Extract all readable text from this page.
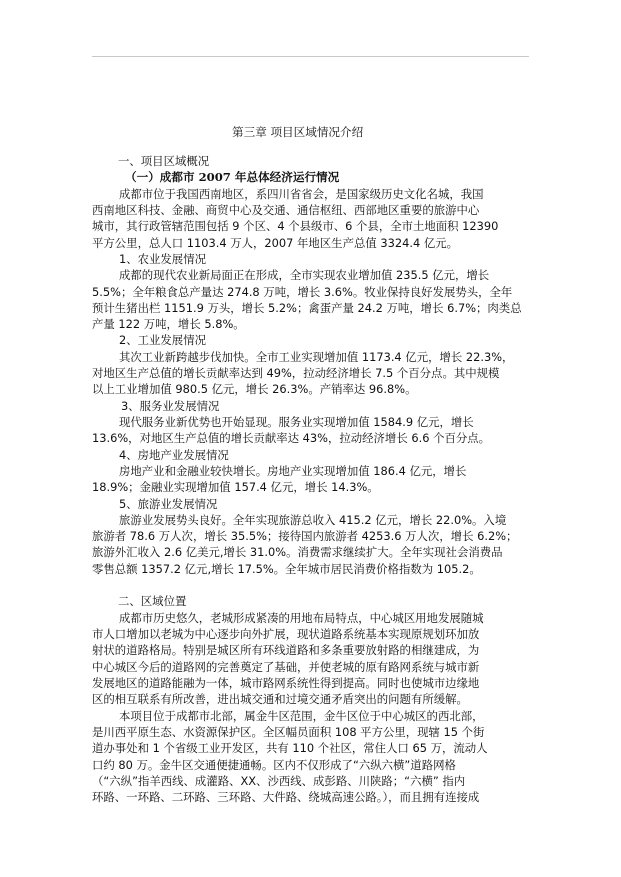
第三章 项目区域情况介绍
一、项目区域概况
（一）成都市 2007 年总体经济运行情况
成都市位于我国西南地区，系四川省省会，是国家级历史文化名城，我国
西南地区科技、金融、商贸中心及交通、通信枢纽、西部地区重要的旅游中心
城市，其行政管辖范围包括 9 个区、4 个县级市、6 个县，全市土地面积 12390
平方公里，总人口 1103.4 万人，2007 年地区生产总值 3324.4 亿元。
1、农业发展情况
成都的现代农业新局面正在形成，全市实现农业增加值 235.5 亿元，增长
5.5%；全年粮食总产量达 274.8 万吨，增长 3.6%。牧业保持良好发展势头，全年
预计生猪出栏 1151.9 万头，增长 5.2%；禽蛋产量 24.2 万吨，增长 6.7%；肉类总
产量 122 万吨，增长 5.8%。
2、工业发展情况
其次工业新跨越步伐加快。全市工业实现增加值 1173.4 亿元，增长 22.3%，
对地区生产总值的增长贡献率达到 49%，拉动经济增长 7.5 个百分点。其中规模
以上工业增加值 980.5 亿元，增长 26.3%。产销率达 96.8%。
3、服务业发展情况
现代服务业新优势也开始显现。服务业实现增加值 1584.9 亿元，增长
13.6%，对地区生产总值的增长贡献率达 43%，拉动经济增长 6.6 个百分点。
4、房地产业发展情况
房地产业和金融业较快增长。房地产业实现增加值 186.4 亿元，增长
18.9%；金融业实现增加值 157.4 亿元，增长 14.3%。
5、旅游业发展情况
旅游业发展势头良好。全年实现旅游总收入 415.2 亿元，增长 22.0%。入境
旅游者 78.6 万人次，增长 35.5%；接待国内旅游者 4253.6 万人次，增长 6.2%；
旅游外汇收入 2.6 亿美元,增长 31.0%。消费需求继续扩大。全年实现社会消费品
零售总额 1357.2 亿元,增长 17.5%。全年城市居民消费价格指数为 105.2。
二、区域位置
成都市历史悠久，老城形成紧凑的用地布局特点，中心城区用地发展随城
市人口增加以老城为中心逐步向外扩展，现状道路系统基本实现原规划环加放
射状的道路格局。特别是城区所有环线道路和多条重要放射路的相继建成，为
中心城区今后的道路网的完善奠定了基础，并使老城的原有路网系统与城市新
发展地区的道路能融为一体，城市路网系统性得到提高。同时也使城市边缘地
区的相互联系有所改善，进出城交通和过境交通矛盾突出的问题有所缓解。
本项目位于成都市北部，属金牛区范围，金牛区位于中心城区的西北部，
是川西平原生态、水资源保护区。全区幅员面积 108 平方公里，现辖 15 个街
道办事处和 1 个省级工业开发区，共有 110 个社区，常住人口 65 万，流动人
口约 80 万。金牛区交通便捷通畅。区内不仅形成了“六纵六横”道路网格
（“六纵”指羊西线、成灌路、XX、沙西线、成彭路、川陕路；“六横” 指内
环路、一环路、二环路、三环路、大件路、绕城高速公路。），而且拥有连接成
